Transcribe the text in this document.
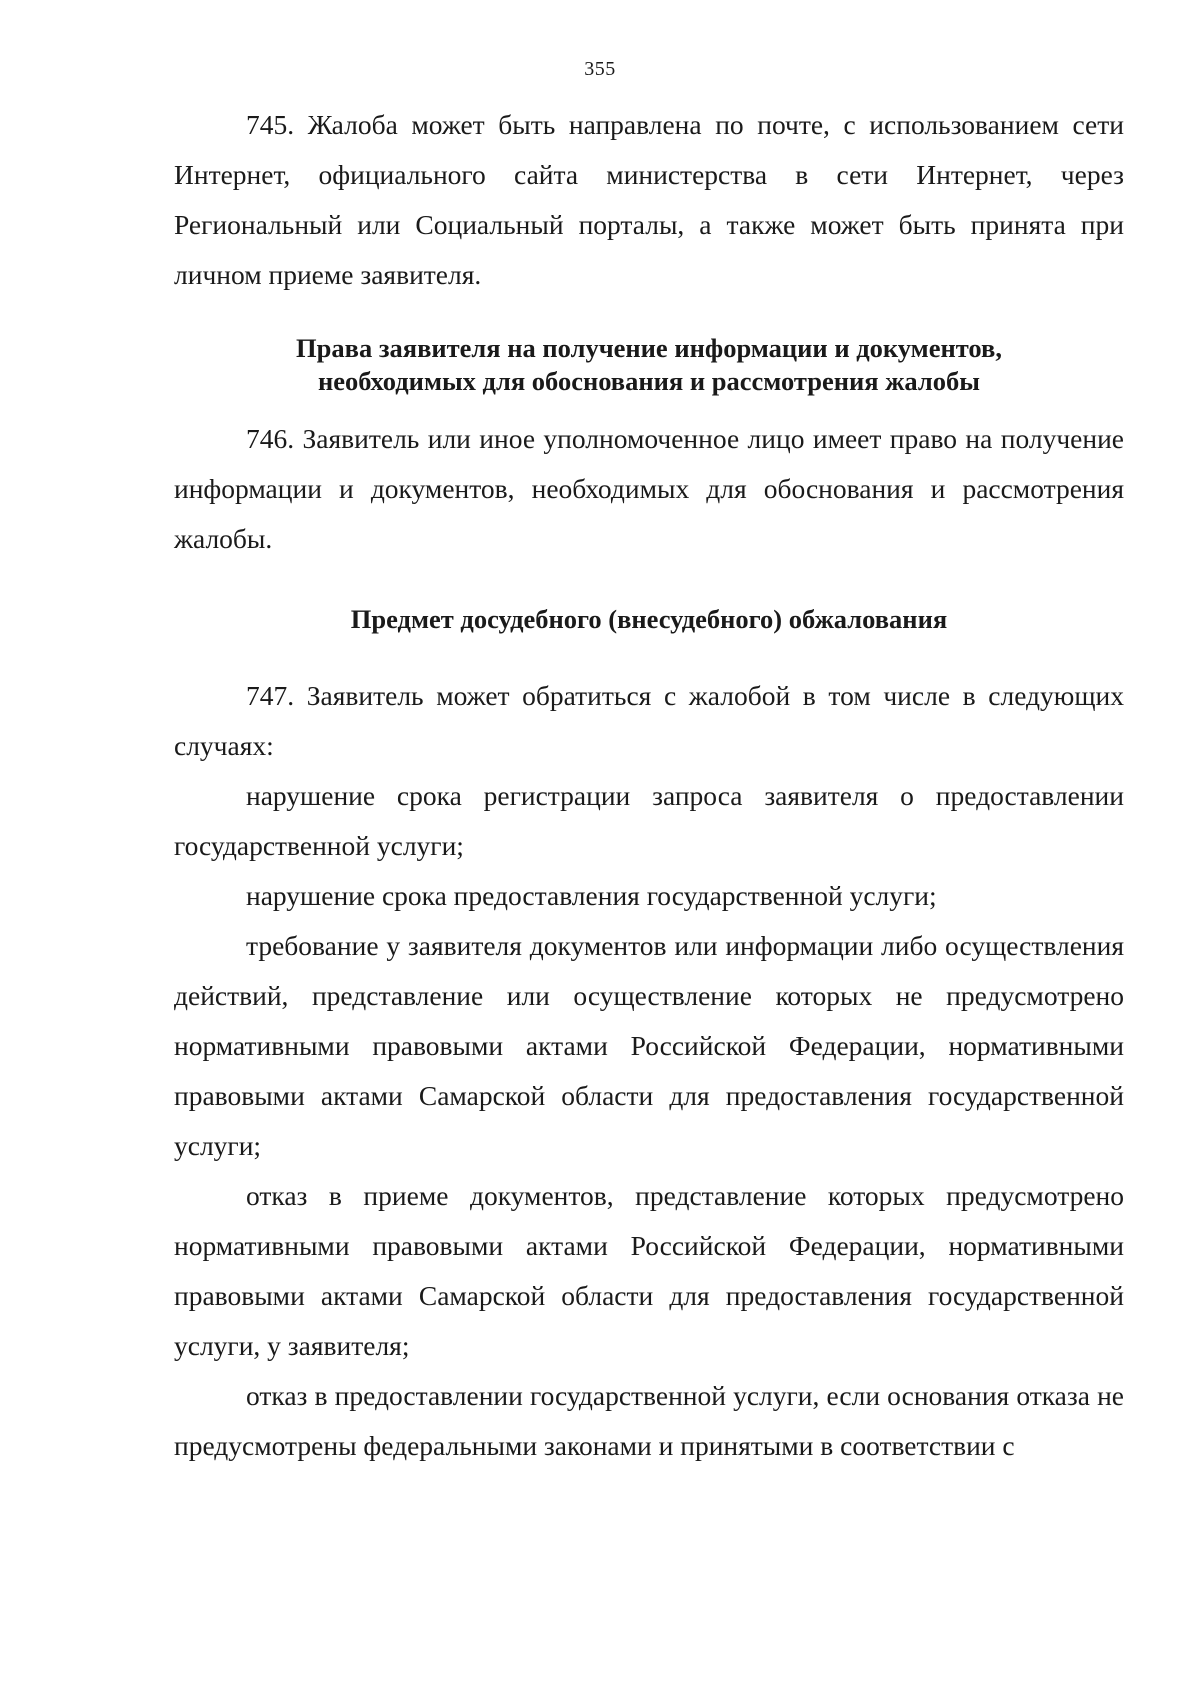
355

745. Жалоба может быть направлена по почте, с использованием сети Интернет, официального сайта министерства в сети Интернет, через Региональный или Социальный порталы, а также может быть принята при личном приеме заявителя.

Права заявителя на получение информации и документов,
необходимых для обоснования и рассмотрения жалобы

746. Заявитель или иное уполномоченное лицо имеет право на получение информации и документов, необходимых для обоснования и рассмотрения жалобы.

Предмет досудебного (внесудебного) обжалования

747. Заявитель может обратиться с жалобой в том числе в следующих случаях:

нарушение срока регистрации запроса заявителя о предоставлении государственной услуги;

нарушение срока предоставления государственной услуги;

требование у заявителя документов или информации либо осуществления действий, представление или осуществление которых не предусмотрено нормативными правовыми актами Российской Федерации, нормативными правовыми актами Самарской области для предоставления государственной услуги;

отказ в приеме документов, представление которых предусмотрено нормативными правовыми актами Российской Федерации, нормативными правовыми актами Самарской области для предоставления государственной услуги, у заявителя;

отказ в предоставлении государственной услуги, если основания отказа не предусмотрены федеральными законами и принятыми в соответствии с
